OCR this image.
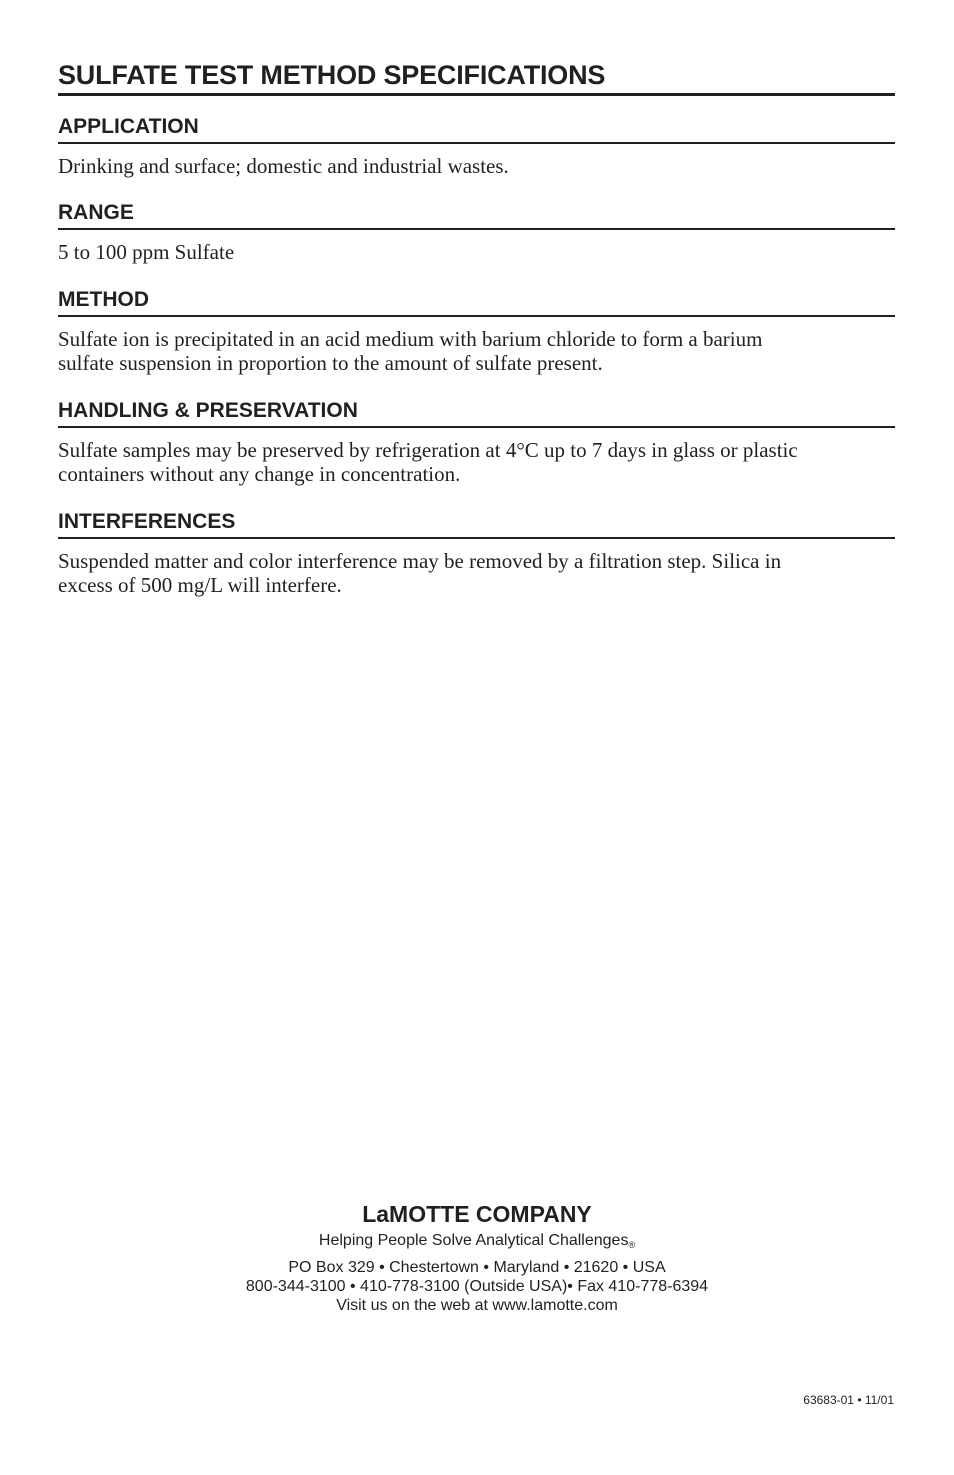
SULFATE TEST METHOD SPECIFICATIONS
APPLICATION
Drinking and surface; domestic and industrial wastes.
RANGE
5 to 100 ppm Sulfate
METHOD
Sulfate ion is precipitated in an acid medium with barium chloride to form a barium
sulfate suspension in proportion to the amount of sulfate present.
HANDLING & PRESERVATION
Sulfate samples may be preserved by refrigeration at 4°C up to 7 days in glass or plastic
containers without any change in concentration.
INTERFERENCES
Suspended matter and color interference may be removed by a filtration step. Silica in
excess of 500 mg/L will interfere.

LaMOTTE COMPANY

Helping People Solve Analytical Challenges®

PO Box 329 • Chestertown • Maryland • 21620 • USA
800-344-3100 • 410-778-3100 (Outside USA)• Fax 410-778-6394
Visit us on the web at www.lamotte.com
63683-01 • 11/01
